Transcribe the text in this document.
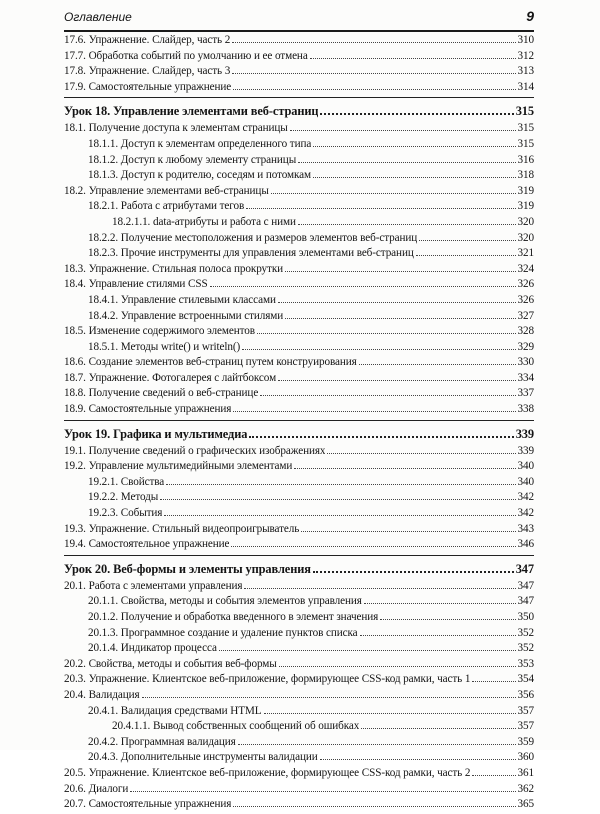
Оглавление	9
17.6. Упражнение. Слайдер, часть 2	310
17.7. Обработка событий по умолчанию и ее отмена	312
17.8. Упражнение. Слайдер, часть 3	313
17.9. Самостоятельные упражнение	314
Урок 18. Управление элементами веб-страниц	315
18.1. Получение доступа к элементам страницы	315
18.1.1. Доступ к элементам определенного типа	315
18.1.2. Доступ к любому элементу страницы	316
18.1.3. Доступ к родителю, соседям и потомкам	318
18.2. Управление элементами веб-страницы	319
18.2.1. Работа с атрибутами тегов	319
18.2.1.1. data-атрибуты и работа с ними	320
18.2.2. Получение местоположения и размеров элементов веб-страниц	320
18.2.3. Прочие инструменты для управления элементами веб-страниц	321
18.3. Упражнение. Стильная полоса прокрутки	324
18.4. Управление стилями CSS	326
18.4.1. Управление стилевыми классами	326
18.4.2. Управление встроенными стилями	327
18.5. Изменение содержимого элементов	328
18.5.1. Методы write() и writeln()	329
18.6. Создание элементов веб-страниц путем конструирования	330
18.7. Упражнение. Фотогалерея с лайтбоксом	334
18.8. Получение сведений о веб-странице	337
18.9. Самостоятельные упражнения	338
Урок 19. Графика и мультимедиа	339
19.1. Получение сведений о графических изображениях	339
19.2. Управление мультимедийными элементами	340
19.2.1. Свойства	340
19.2.2. Методы	342
19.2.3. События	342
19.3. Упражнение. Стильный видеопроигрыватель	343
19.4. Самостоятельное упражнение	346
Урок 20. Веб-формы и элементы управления	347
20.1. Работа с элементами управления	347
20.1.1. Свойства, методы и события элементов управления	347
20.1.2. Получение и обработка введенного в элемент значения	350
20.1.3. Программное создание и удаление пунктов списка	352
20.1.4. Индикатор процесса	352
20.2. Свойства, методы и события веб-формы	353
20.3. Упражнение. Клиентское веб-приложение, формирующее CSS-код рамки, часть 1	354
20.4. Валидация	356
20.4.1. Валидация средствами HTML	357
20.4.1.1. Вывод собственных сообщений об ошибках	357
20.4.2. Программная валидация	359
20.4.3. Дополнительные инструменты валидации	360
20.5. Упражнение. Клиентское веб-приложение, формирующее CSS-код рамки, часть 2	361
20.6. Диалоги	362
20.7. Самостоятельные упражнения	365
